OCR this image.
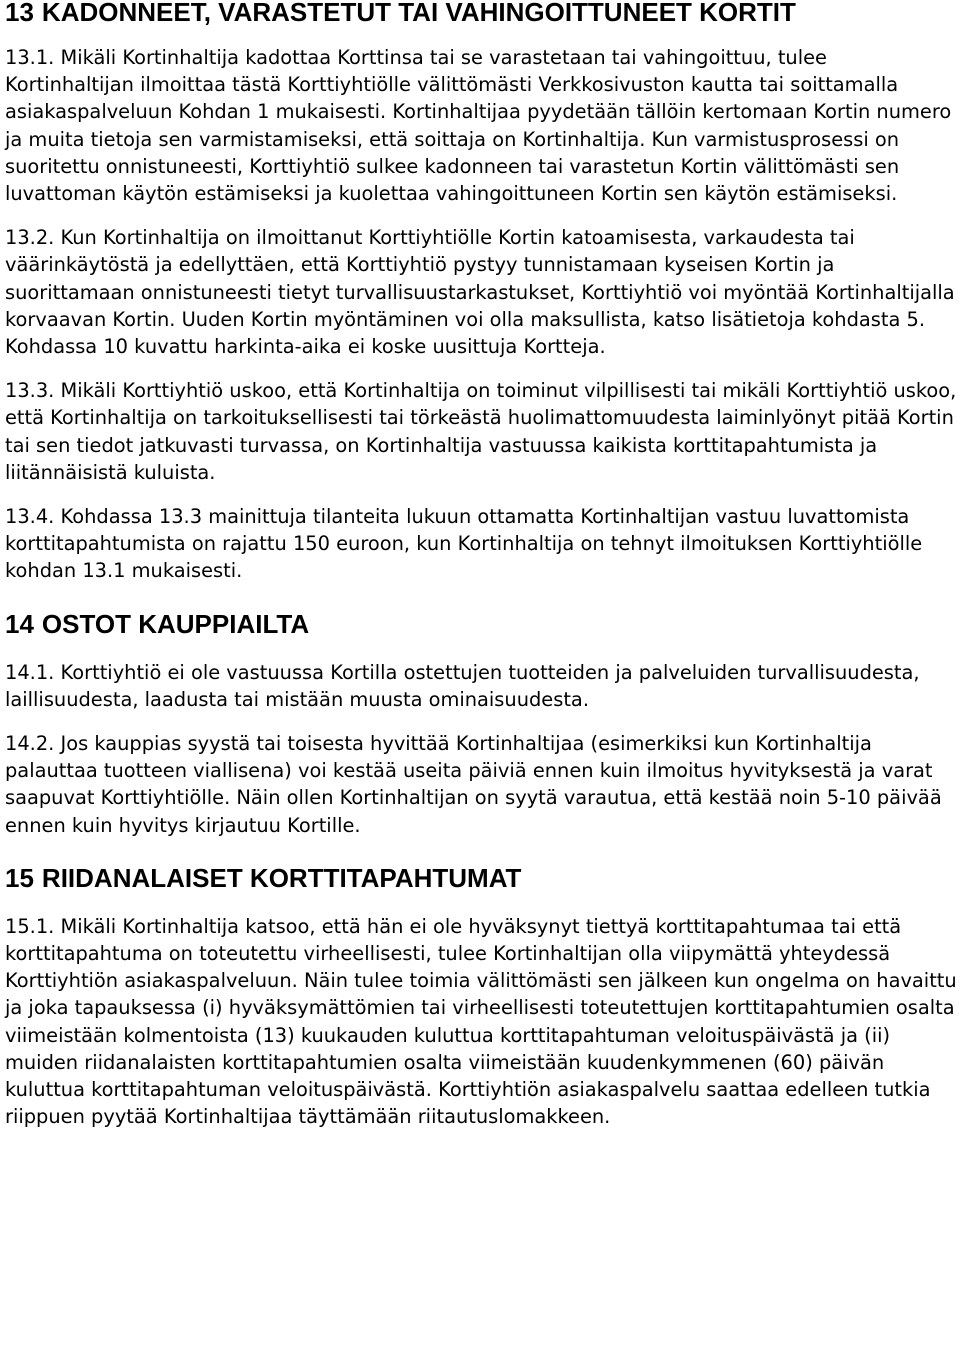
13 KADONNEET, VARASTETUT TAI VAHINGOITTUNEET KORTIT

13.1. Mikäli Kortinhaltija kadottaa Korttinsa tai se varastetaan tai vahingoittuu, tulee Kortinhaltijan ilmoittaa tästä Korttiyhtiölle välittömästi Verkkosivuston kautta tai soittamalla asiakaspalveluun Kohdan 1 mukaisesti. Kortinhaltijaa pyydetään tällöin kertomaan Kortin numero ja muita tietoja sen varmistamiseksi, että soittaja on Kortinhaltija. Kun varmistusprosessi on suoritettu onnistuneesti, Korttiyhtiö sulkee kadonneen tai varastetun Kortin välittömästi sen luvattoman käytön estämiseksi ja kuolettaa vahingoittuneen Kortin sen käytön estämiseksi.

13.2. Kun Kortinhaltija on ilmoittanut Korttiyhtiölle Kortin katoamisesta, varkaudesta tai väärinkäytöstä ja edellyttäen, että Korttiyhtiö pystyy tunnistamaan kyseisen Kortin ja suorittamaan onnistuneesti tietyt turvallisuustarkastukset, Korttiyhtiö voi myöntää Kortinhaltijalla korvaavan Kortin. Uuden Kortin myöntäminen voi olla maksullista, katso lisätietoja kohdasta 5. Kohdassa 10 kuvattu harkinta-aika ei koske uusittuja Kortteja.

13.3. Mikäli Korttiyhtiö uskoo, että Kortinhaltija on toiminut vilpillisesti tai mikäli Korttiyhtiö uskoo, että Kortinhaltija on tarkoituksellisesti tai törkeästä huolimattomuudesta laiminlyönyt pitää Kortin tai sen tiedot jatkuvasti turvassa, on Kortinhaltija vastuussa kaikista korttitapahtumista ja liitännäisistä kuluista.

13.4. Kohdassa 13.3 mainittuja tilanteita lukuun ottamatta Kortinhaltijan vastuu luvattomista korttitapahtumista on rajattu 150 euroon, kun Kortinhaltija on tehnyt ilmoituksen Korttiyhtiölle kohdan 13.1 mukaisesti.

14 OSTOT KAUPPIAILTA

14.1. Korttiyhtiö ei ole vastuussa Kortilla ostettujen tuotteiden ja palveluiden turvallisuudesta, laillisuudesta, laadusta tai mistään muusta ominaisuudesta.

14.2. Jos kauppias syystä tai toisesta hyvittää Kortinhaltijaa (esimerkiksi kun Kortinhaltija palauttaa tuotteen viallisena) voi kestää useita päiviä ennen kuin ilmoitus hyvityksestä ja varat saapuvat Korttiyhtiölle. Näin ollen Kortinhaltijan on syytä varautua, että kestää noin 5-10 päivää ennen kuin hyvitys kirjautuu Kortille.

15 RIIDANALAISET KORTTITAPAHTUMAT

15.1. Mikäli Kortinhaltija katsoo, että hän ei ole hyväksynyt tiettyä korttitapahtumaa tai että korttitapahtuma on toteutettu virheellisesti, tulee Kortinhaltijan olla viipymättä yhteydessä Korttiyhtiön asiakaspalveluun. Näin tulee toimia välittömästi sen jälkeen kun ongelma on havaittu ja joka tapauksessa (i) hyväksymättömien tai virheellisesti toteutettujen korttitapahtumien osalta viimeistään kolmentoista (13) kuukauden kuluttua korttitapahtuman veloituspäivästä ja (ii) muiden riidanalaisten korttitapahtumien osalta viimeistään kuudenkymmenen (60) päivän kuluttua korttitapahtuman veloituspäivästä. Korttiyhtiön asiakaspalvelu saattaa edelleen tutkia riippuen pyytää Kortinhaltijaa täyttämään riitautuslomakkeen.
